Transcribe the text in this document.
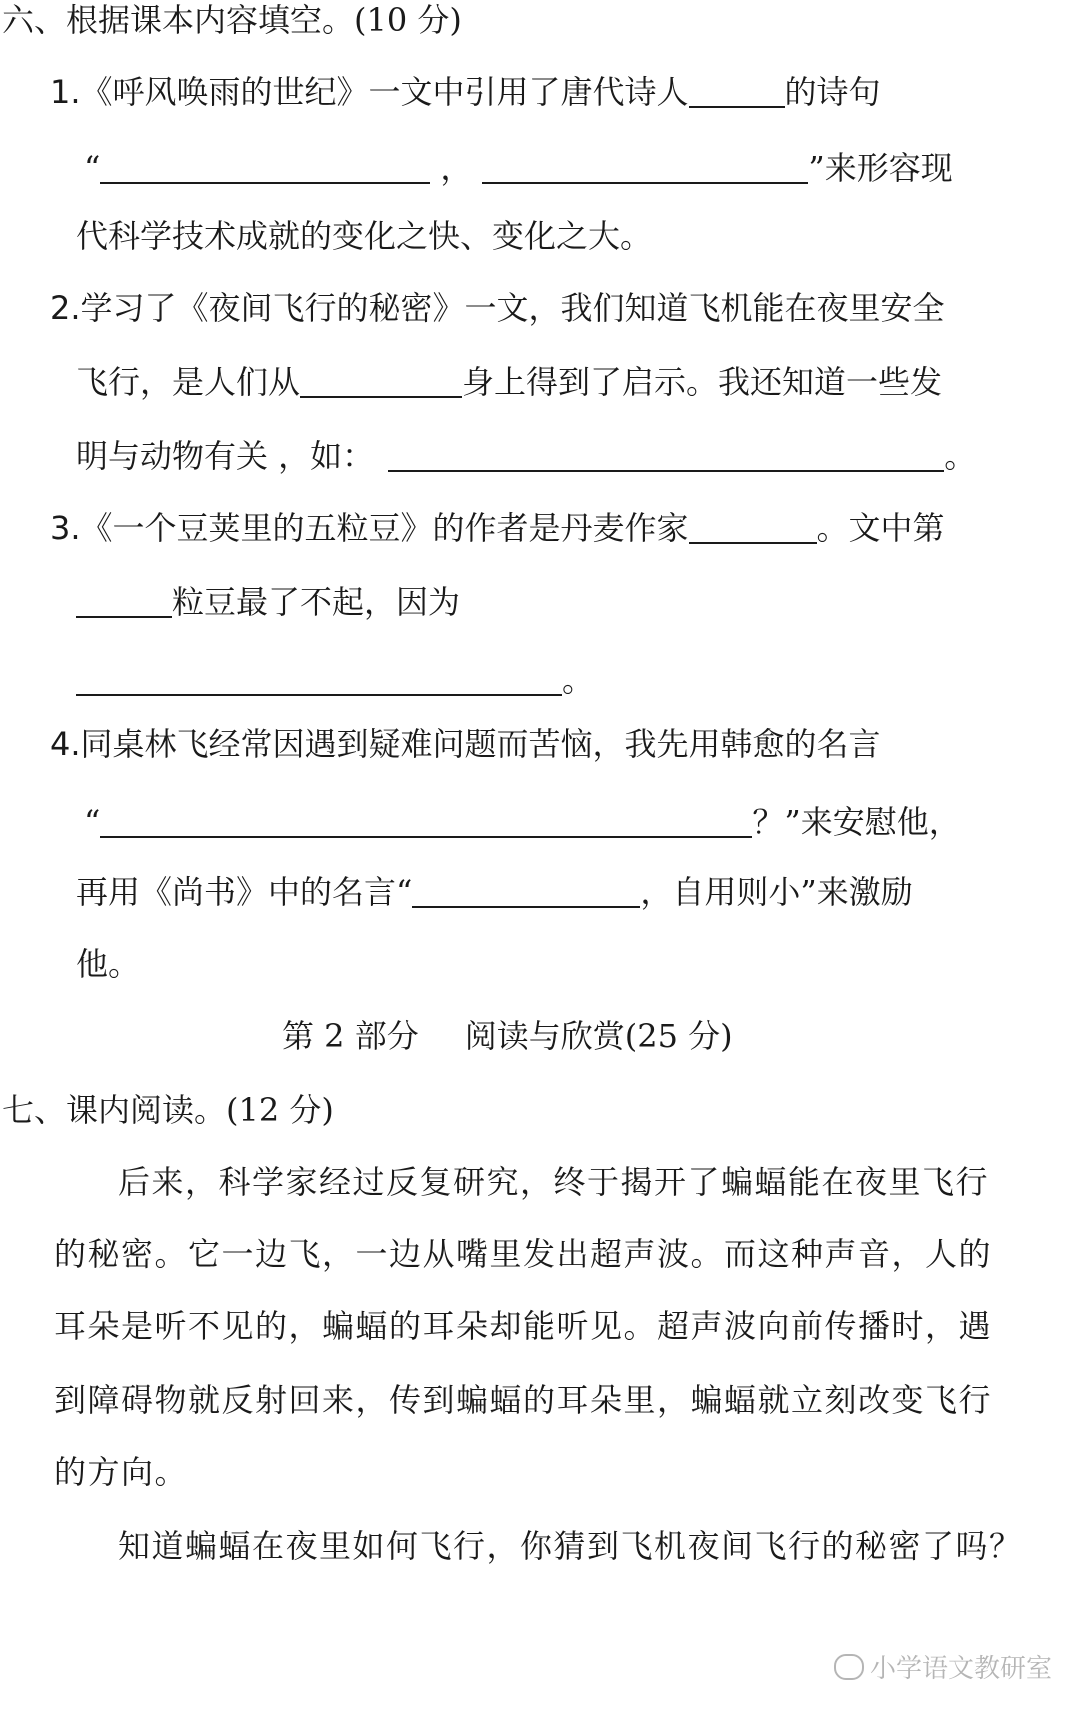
六、根据课本内容填空。(10 分)
1.《呼风唤雨的世纪》一文中引用了唐代诗人	的诗句
“	，	”来形容现
代科学技术成就的变化之快、变化之大。
2.学习了《夜间飞行的秘密》一文，我们知道飞机能在夜里安全
飞行，是人们从	身上得到了启示。我还知道一些发
明与动物有关 ，如：	。
3.《一个豆荚里的五粒豆》的作者是丹麦作家	。文中第
粒豆最了不起，因为
。
4.同桌林飞经常因遇到疑难问题而苦恼，我先用韩愈的名言
“	？”来安慰他，
再用《尚书》中的名言“	，自用则小”来激励
他。
第 2 部分 阅读与欣赏(25 分)
七、课内阅读。(12 分)
后来，科学家经过反复研究，终于揭开了蝙蝠能在夜里飞行
的秘密。它一边飞，一边从嘴里发出超声波。而这种声音，人的
耳朵是听不见的，蝙蝠的耳朵却能听见。超声波向前传播时，遇
到障碍物就反射回来，传到蝙蝠的耳朵里，蝙蝠就立刻改变飞行
的方向。
知道蝙蝠在夜里如何飞行，你猜到飞机夜间飞行的秘密了吗？
小学语文教研室
